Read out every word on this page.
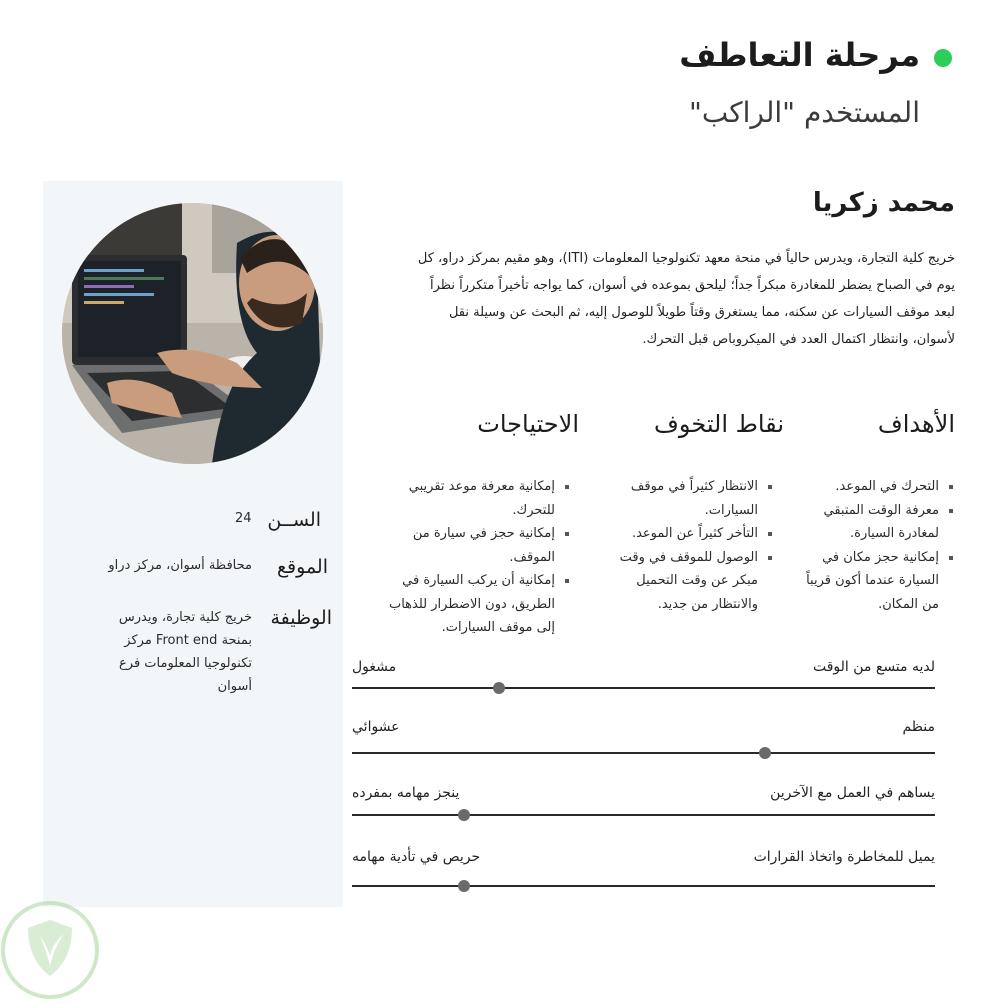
مرحلة التعاطف
المستخدم "الراكب"
الســن
24
الموقع
محافظة أسوان، مركز دراو
الوظيفة
خريج كلية تجارة، ويدرس بمنحة Front end مركز تكنولوجيا المعلومات فرع أسوان
محمد زكريا
خريج كلية التجارة، ويدرس حالياً في منحة معهد تكنولوجيا المعلومات (ITI)، وهو مقيم بمركز دراو، كل يوم في الصباح يضطر للمغادرة مبكراً جداً؛ ليلحق بموعده في أسوان، كما يواجه تأخيراً متكرراً نظراً لبعد موقف السيارات عن سكنه، مما يستغرق وقتاً طويلاً للوصول إليه، ثم البحث عن وسيلة نقل لأسوان، وانتظار اكتمال العدد في الميكروباص قبل التحرك.
الأهداف
التحرك في الموعد.
معرفة الوقت المتبقي لمغادرة السيارة.
إمكانية حجز مكان في السيارة عندما أكون قريباً من المكان.
نقاط التخوف
الانتظار كثيراً في موقف السيارات.
التأخر كثيراً عن الموعد.
الوصول للموقف في وقت مبكر عن وقت التحميل والانتظار من جديد.
الاحتياجات
إمكانية معرفة موعد تقريبي للتحرك.
إمكانية حجز في سيارة من الموقف.
إمكانية أن يركب السيارة في الطريق، دون الاضطرار للذهاب إلى موقف السيارات.
لديه متسع من الوقت
مشغول
منظم
عشوائي
يساهم في العمل مع الآخرين
ينجز مهامه بمفرده
يميل للمخاطرة واتخاذ القرارات
حريص في تأدية مهامه
